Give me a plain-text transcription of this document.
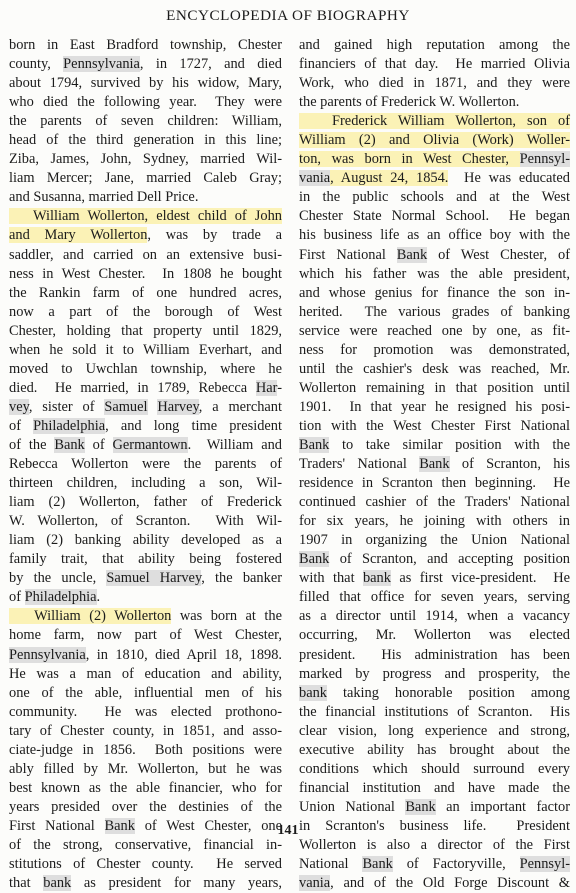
ENCYCLOPEDIA OF BIOGRAPHY
born in East Bradford township, Chester
county, Pennsylvania, in 1727, and died
about 1794, survived by his widow, Mary,
who died the following year.  They were
the parents of seven children: William,
head of the third generation in this line;
Ziba, James, John, Sydney, married Wil-
liam Mercer; Jane, married Caleb Gray;
and Susanna, married Dell Price.
William Wollerton, eldest child of John
and Mary Wollerton, was by trade a
saddler, and carried on an extensive busi-
ness in West Chester.  In 1808 he bought
the Rankin farm of one hundred acres,
now a part of the borough of West
Chester, holding that property until 1829,
when he sold it to William Everhart, and
moved to Uwchlan township, where he
died.  He married, in 1789, Rebecca Har-
vey, sister of Samuel Harvey, a merchant
of Philadelphia, and long time president
of the Bank of Germantown.  William and
Rebecca Wollerton were the parents of
thirteen children, including a son, Wil-
liam (2) Wollerton, father of Frederick
W. Wollerton, of Scranton.  With Wil-
liam (2) banking ability developed as a
family trait, that ability being fostered
by the uncle, Samuel Harvey, the banker
of Philadelphia.
William (2) Wollerton was born at the
home farm, now part of West Chester,
Pennsylvania, in 1810, died April 18, 1898.
He was a man of education and ability,
one of the able, influential men of his
community.  He was elected prothono-
tary of Chester county, in 1851, and asso-
ciate-judge in 1856.  Both positions were
ably filled by Mr. Wollerton, but he was
best known as the able financier, who for
years presided over the destinies of the
First National Bank of West Chester, one
of the strong, conservative, financial in-
stitutions of Chester county.  He served
that bank as president for many years,
and gained high reputation among the
financiers of that day.  He married Olivia
Work, who died in 1871, and they were
the parents of Frederick W. Wollerton.
Frederick William Wollerton, son of
William (2) and Olivia (Work) Woller-
ton, was born in West Chester, Pennsyl-
vania, August 24, 1854.  He was educated
in the public schools and at the West
Chester State Normal School.  He began
his business life as an office boy with the
First National Bank of West Chester, of
which his father was the able president,
and whose genius for finance the son in-
herited.  The various grades of banking
service were reached one by one, as fit-
ness for promotion was demonstrated,
until the cashier's desk was reached, Mr.
Wollerton remaining in that position until
1901.  In that year he resigned his posi-
tion with the West Chester First National
Bank to take similar position with the
Traders' National Bank of Scranton, his
residence in Scranton then beginning.  He
continued cashier of the Traders' National
for six years, he joining with others in
1907 in organizing the Union National
Bank of Scranton, and accepting position
with that bank as first vice-president.  He
filled that office for seven years, serving
as a director until 1914, when a vacancy
occurring, Mr. Wollerton was elected
president.  His administration has been
marked by progress and prosperity, the
bank taking honorable position among
the financial institutions of Scranton.  His
clear vision, long experience and strong,
executive ability has brought about the
conditions which should surround every
financial institution and have made the
Union National Bank an important factor
in Scranton's business life.  President
Wollerton is also a director of the First
National Bank of Factoryville, Pennsyl-
vania, and of the Old Forge Discount &
141
